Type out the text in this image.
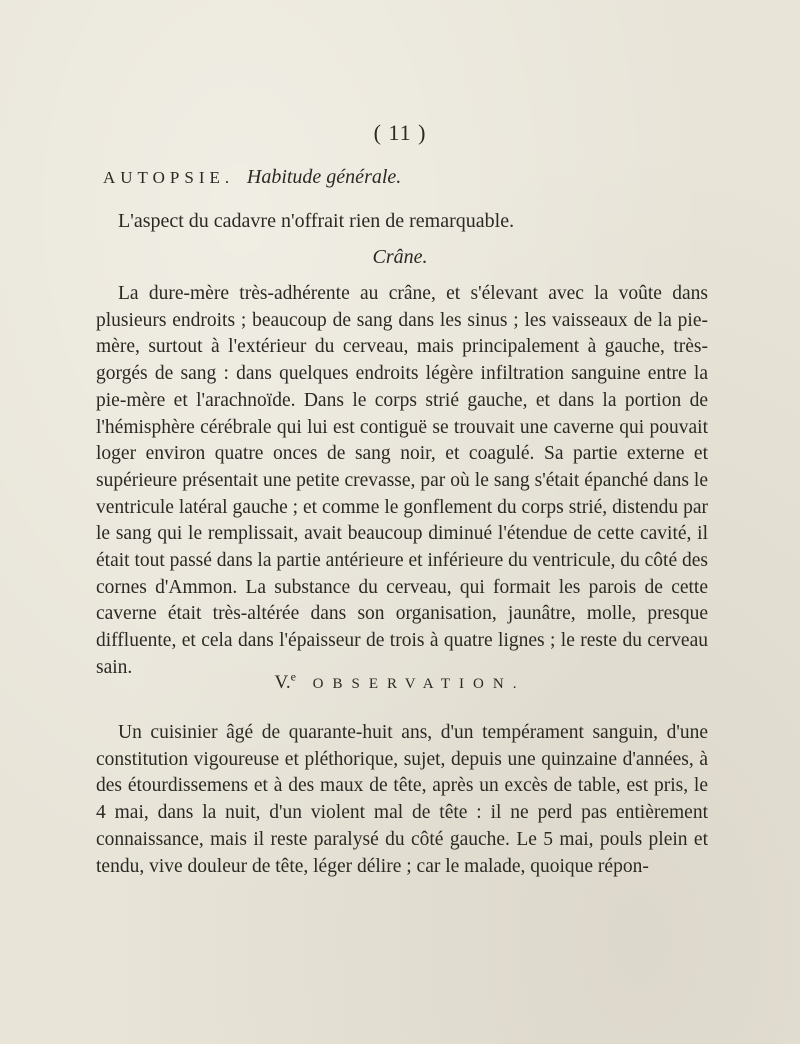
( 11 )
AUTOPSIE. Habitude générale.
L'aspect du cadavre n'offrait rien de remarquable.
Crâne.
La dure-mère très-adhérente au crâne, et s'élevant avec la voûte dans plusieurs endroits ; beaucoup de sang dans les sinus ; les vaisseaux de la pie-mère, surtout à l'extérieur du cerveau, mais principalement à gauche, très-gorgés de sang : dans quelques endroits légère infiltration sanguine entre la pie-mère et l'arachnoïde. Dans le corps strié gauche, et dans la portion de l'hémisphère cérébrale qui lui est contiguë se trouvait une caverne qui pouvait loger environ quatre onces de sang noir, et coagulé. Sa partie externe et supérieure présentait une petite crevasse, par où le sang s'était épanché dans le ventricule latéral gauche ; et comme le gonflement du corps strié, distendu par le sang qui le remplissait, avait beaucoup diminué l'étendue de cette cavité, il était tout passé dans la partie antérieure et inférieure du ventricule, du côté des cornes d'Ammon. La substance du cerveau, qui formait les parois de cette caverne était très-altérée dans son organisation, jaunâtre, molle, presque diffluente, et cela dans l'épaisseur de trois à quatre lignes ; le reste du cerveau sain.
V.$^e$ OBSERVATION.
Un cuisinier âgé de quarante-huit ans, d'un tempérament sanguin, d'une constitution vigoureuse et pléthorique, sujet, depuis une quinzaine d'années, à des étourdissemens et à des maux de tête, après un excès de table, est pris, le 4 mai, dans la nuit, d'un violent mal de tête : il ne perd pas entièrement connaissance, mais il reste paralysé du côté gauche. Le 5 mai, pouls plein et tendu, vive douleur de tête, léger délire ; car le malade, quoique répon-
